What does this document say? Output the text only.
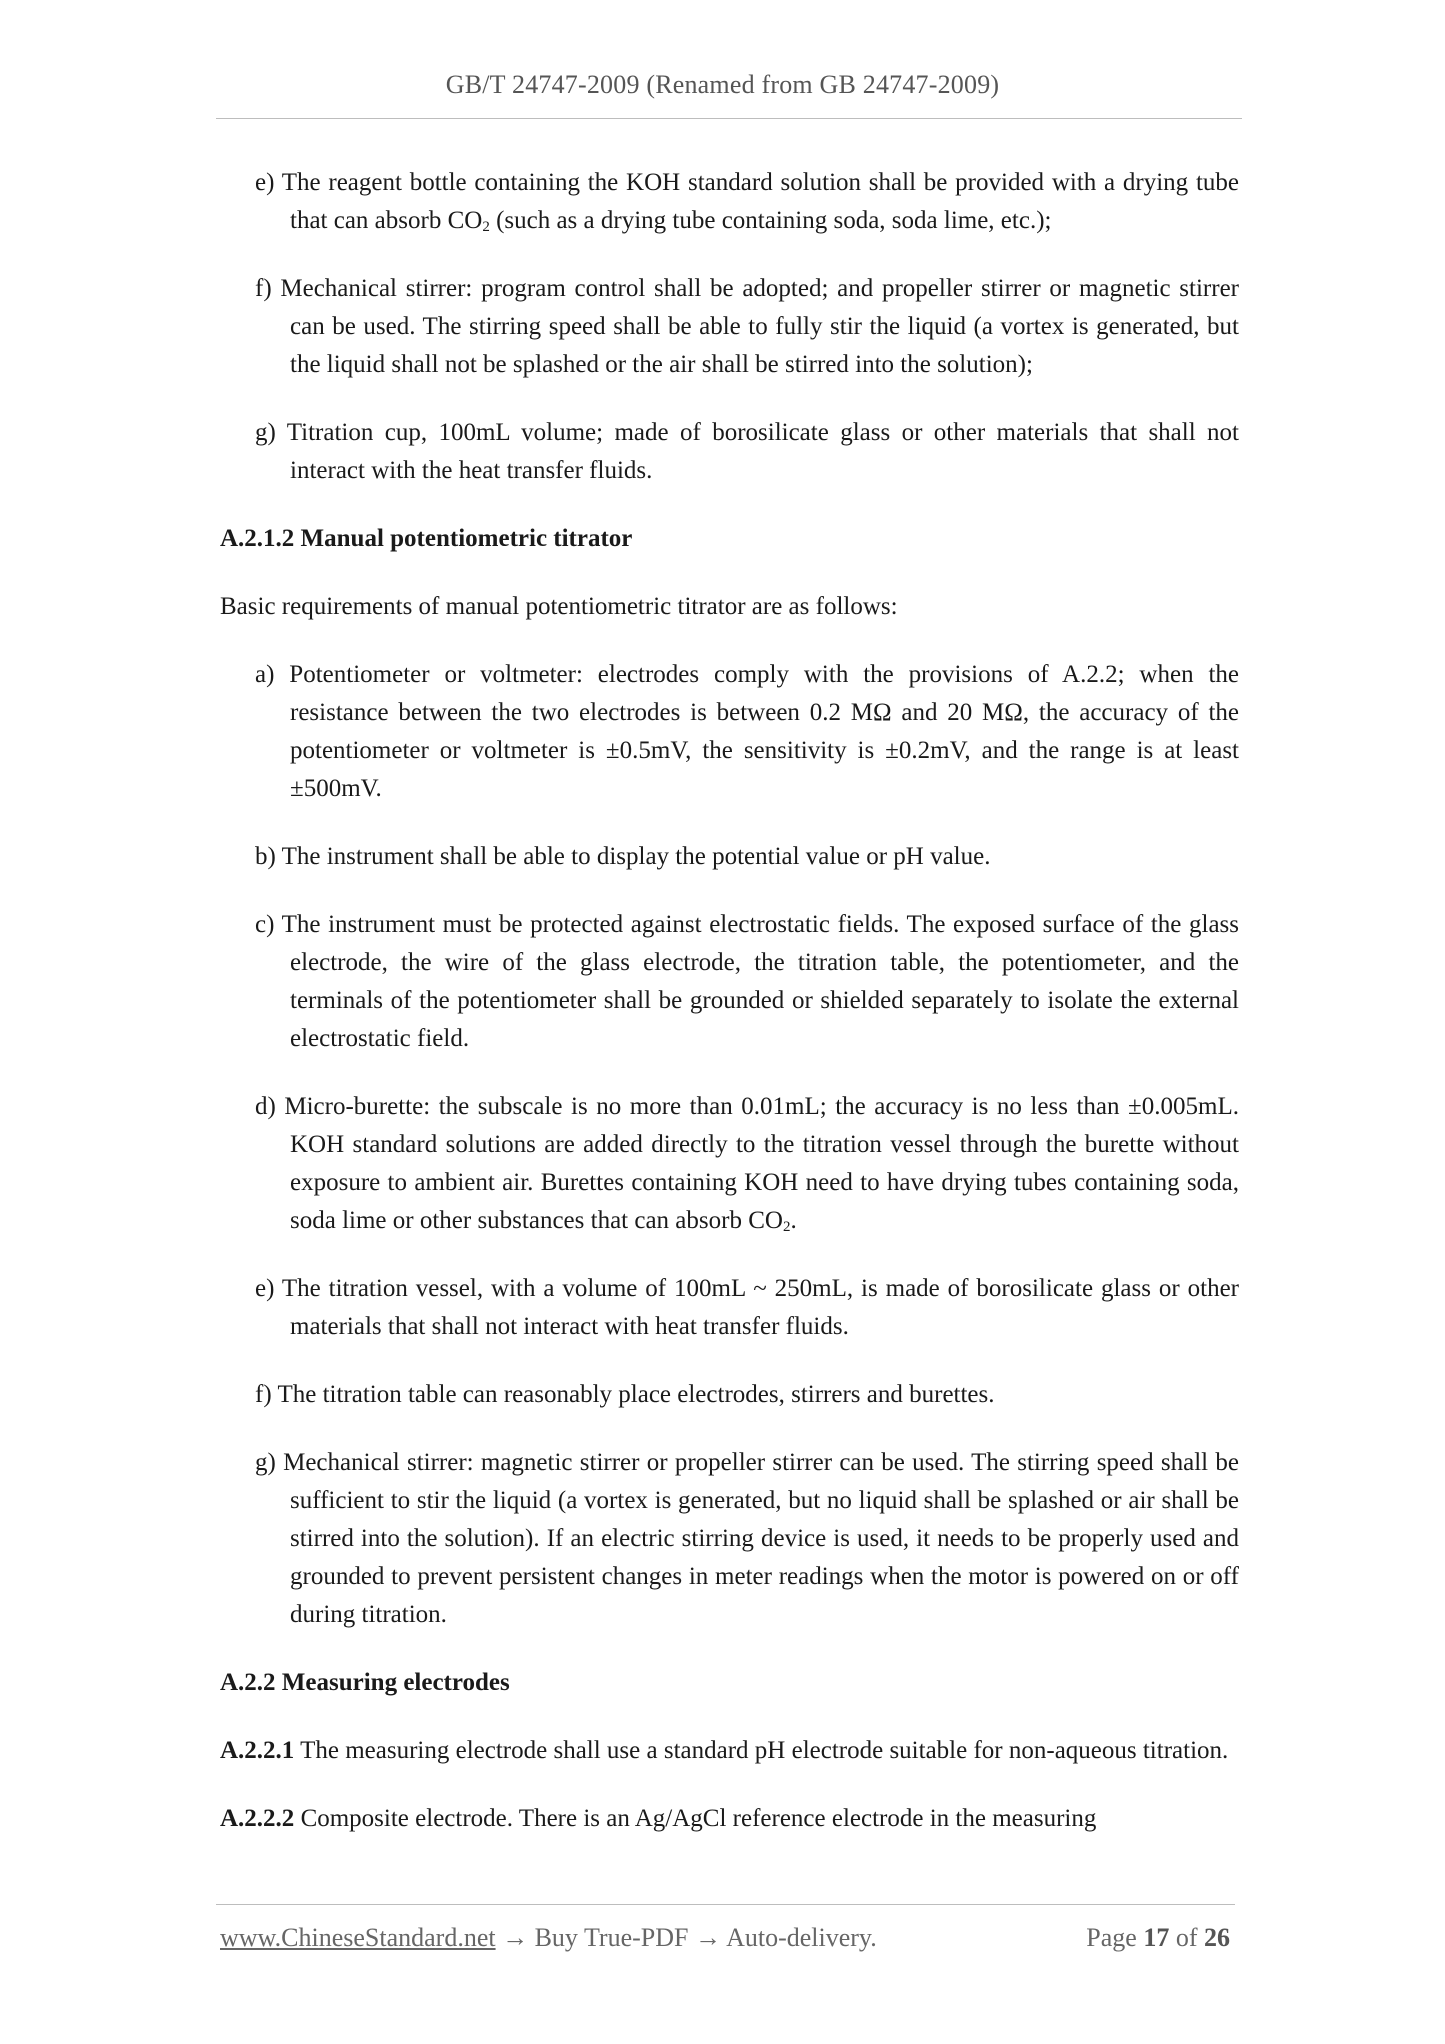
GB/T 24747-2009 (Renamed from GB 24747-2009)

e) The reagent bottle containing the KOH standard solution shall be provided with a drying tube that can absorb $CO_2$ (such as a drying tube containing soda, soda lime, etc.);

f) Mechanical stirrer: program control shall be adopted; and propeller stirrer or magnetic stirrer can be used. The stirring speed shall be able to fully stir the liquid (a vortex is generated, but the liquid shall not be splashed or the air shall be stirred into the solution);

g) Titration cup, 100mL volume; made of borosilicate glass or other materials that shall not interact with the heat transfer fluids.

A.2.1.2 Manual potentiometric titrator

Basic requirements of manual potentiometric titrator are as follows:

a) Potentiometer or voltmeter: electrodes comply with the provisions of A.2.2; when the resistance between the two electrodes is between 0.2 MΩ and 20 MΩ, the accuracy of the potentiometer or voltmeter is ±0.5mV, the sensitivity is ±0.2mV, and the range is at least ±500mV.

b) The instrument shall be able to display the potential value or pH value.

c) The instrument must be protected against electrostatic fields. The exposed surface of the glass electrode, the wire of the glass electrode, the titration table, the potentiometer, and the terminals of the potentiometer shall be grounded or shielded separately to isolate the external electrostatic field.

d) Micro-burette: the subscale is no more than 0.01mL; the accuracy is no less than ±0.005mL. KOH standard solutions are added directly to the titration vessel through the burette without exposure to ambient air. Burettes containing KOH need to have drying tubes containing soda, soda lime or other substances that can absorb $CO_2$.

e) The titration vessel, with a volume of 100mL ~ 250mL, is made of borosilicate glass or other materials that shall not interact with heat transfer fluids.

f) The titration table can reasonably place electrodes, stirrers and burettes.

g) Mechanical stirrer: magnetic stirrer or propeller stirrer can be used. The stirring speed shall be sufficient to stir the liquid (a vortex is generated, but no liquid shall be splashed or air shall be stirred into the solution). If an electric stirring device is used, it needs to be properly used and grounded to prevent persistent changes in meter readings when the motor is powered on or off during titration.

A.2.2 Measuring electrodes

A.2.2.1 The measuring electrode shall use a standard pH electrode suitable for non-aqueous titration.

A.2.2.2 Composite electrode. There is an Ag/AgCl reference electrode in the measuring

www.ChineseStandard.net → Buy True-PDF → Auto-delivery.	Page 17 of 26
